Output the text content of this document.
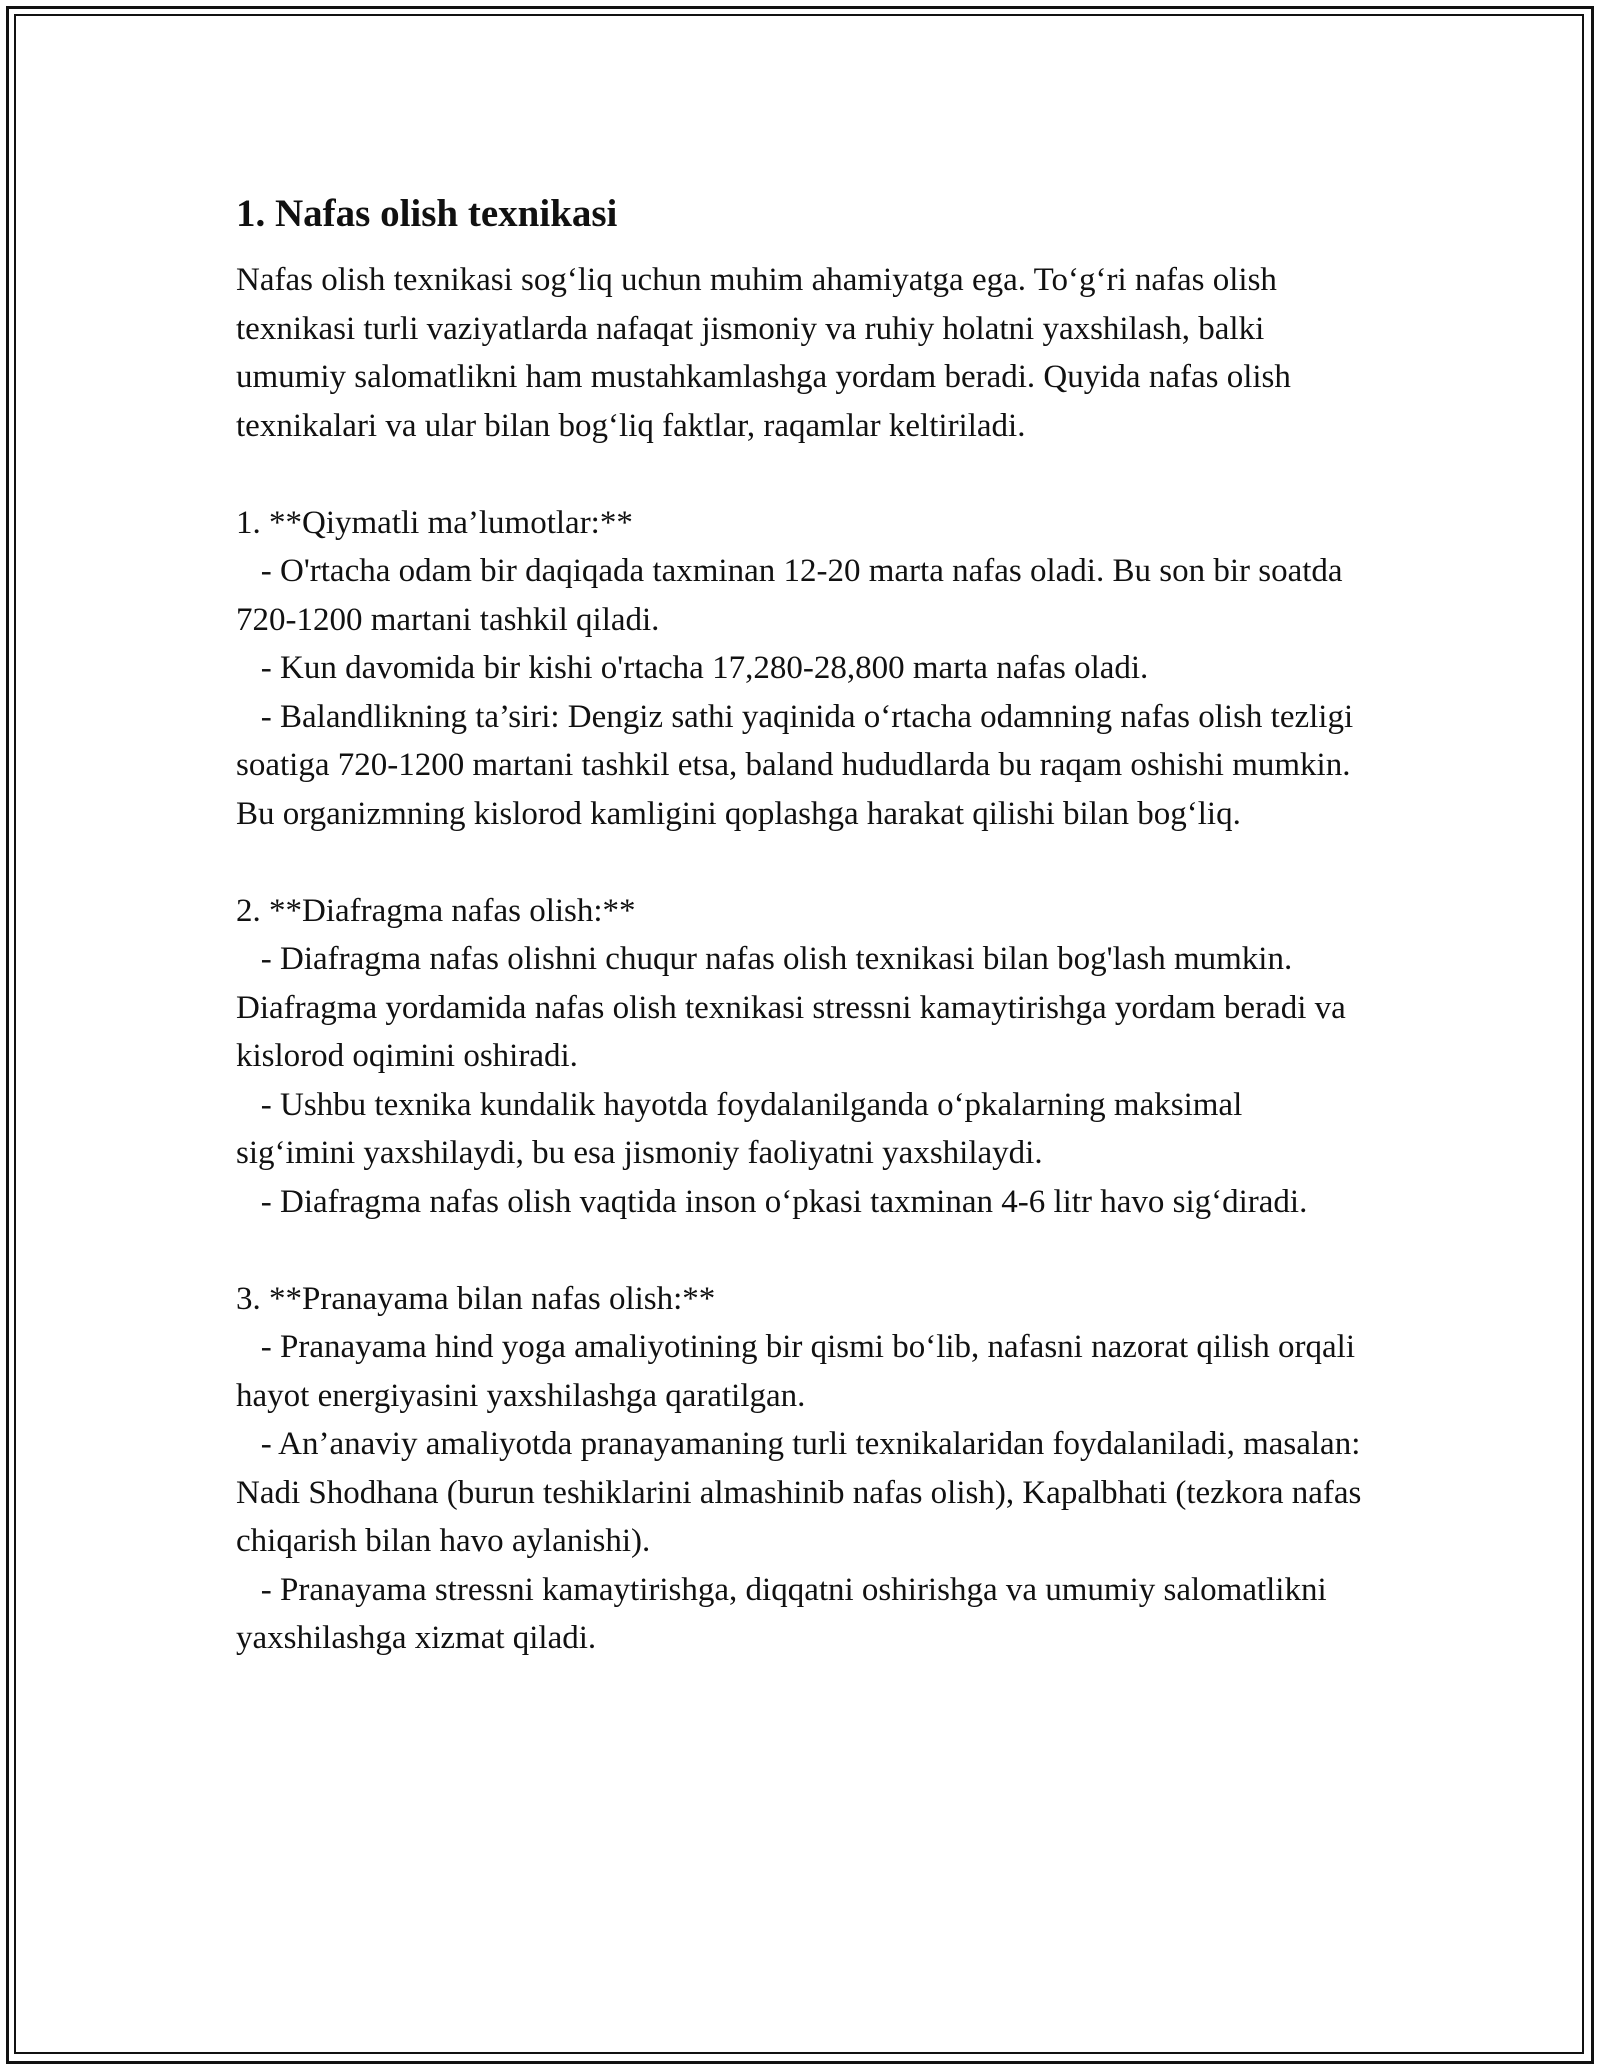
1. Nafas olish texnikasi

Nafas olish texnikasi sog‘liq uchun muhim ahamiyatga ega. To‘g‘ri nafas olish texnikasi turli vaziyatlarda nafaqat jismoniy va ruhiy holatni yaxshilash, balki umumiy salomatlikni ham mustahkamlashga yordam beradi. Quyida nafas olish texnikalari va ular bilan bog‘liq faktlar, raqamlar keltiriladi.

1. **Qiymatli ma’lumotlar:**

- O'rtacha odam bir daqiqada taxminan 12-20 marta nafas oladi. Bu son bir soatda 720-1200 martani tashkil qiladi.

- Kun davomida bir kishi o'rtacha 17,280-28,800 marta nafas oladi.

- Balandlikning ta’siri: Dengiz sathi yaqinida o‘rtacha odamning nafas olish tezligi soatiga 720-1200 martani tashkil etsa, baland hududlarda bu raqam oshishi mumkin. Bu organizmning kislorod kamligini qoplashga harakat qilishi bilan bog‘liq.

2. **Diafragma nafas olish:**

- Diafragma nafas olishni chuqur nafas olish texnikasi bilan bog'lash mumkin. Diafragma yordamida nafas olish texnikasi stressni kamaytirishga yordam beradi va kislorod oqimini oshiradi.

- Ushbu texnika kundalik hayotda foydalanilganda o‘pkalarning maksimal sig‘imini yaxshilaydi, bu esa jismoniy faoliyatni yaxshilaydi.

- Diafragma nafas olish vaqtida inson o‘pkasi taxminan 4-6 litr havo sig‘diradi.

3. **Pranayama bilan nafas olish:**

- Pranayama hind yoga amaliyotining bir qismi bo‘lib, nafasni nazorat qilish orqali hayot energiyasini yaxshilashga qaratilgan.

- An’anaviy amaliyotda pranayamaning turli texnikalaridan foydalaniladi, masalan: Nadi Shodhana (burun teshiklarini almashinib nafas olish), Kapalbhati (tezkora nafas chiqarish bilan havo aylanishi).

- Pranayama stressni kamaytirishga, diqqatni oshirishga va umumiy salomatlikni yaxshilashga xizmat qiladi.
